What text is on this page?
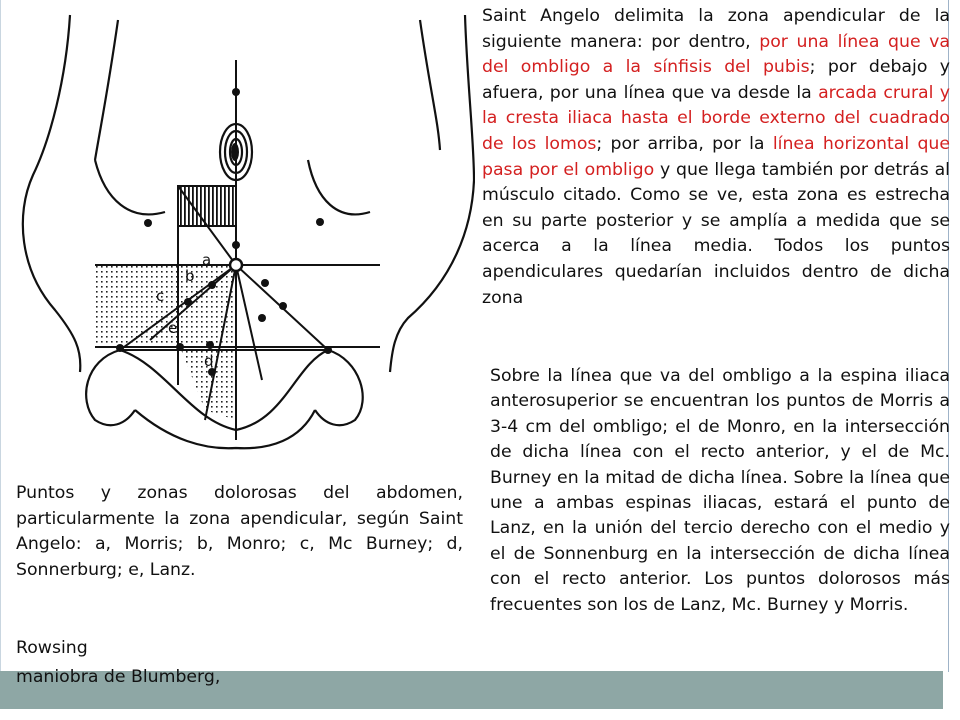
a
b
c
e
d
Saint Angelo delimita la zona apendicular de la siguiente manera: por dentro, por una línea que va del ombligo a la sínfisis del pubis; por debajo y afuera, por una línea que va desde la arcada crural y la cresta iliaca hasta el borde externo del cuadrado de los lomos; por arriba, por la línea horizontal que pasa por el ombligo y que llega también por detrás al músculo citado. Como se ve, esta zona es estrecha en su parte posterior y se amplía a medida que se acerca a la línea media. Todos los puntos apendiculares quedarían incluidos dentro de dicha zona
Sobre la línea que va del ombligo a la espina iliaca anterosuperior se encuentran los puntos de Morris a 3-4 cm del ombligo; el de Monro, en la intersección de dicha línea con el recto anterior, y el de Mc. Burney en la mitad de dicha línea. Sobre la línea que une a ambas espinas iliacas, estará el punto de Lanz, en la unión del tercio derecho con el medio y el de Sonnenburg en la intersección de dicha línea con el recto anterior. Los puntos dolorosos más frecuentes son los de Lanz, Mc. Burney y Morris.
Puntos y zonas dolorosas del abdomen, particularmente la zona apendicular, según Saint Angelo: a, Morris; b, Monro; c, Mc Burney; d, Sonnerburg; e, Lanz.
Rowsing
maniobra de Blumberg,
